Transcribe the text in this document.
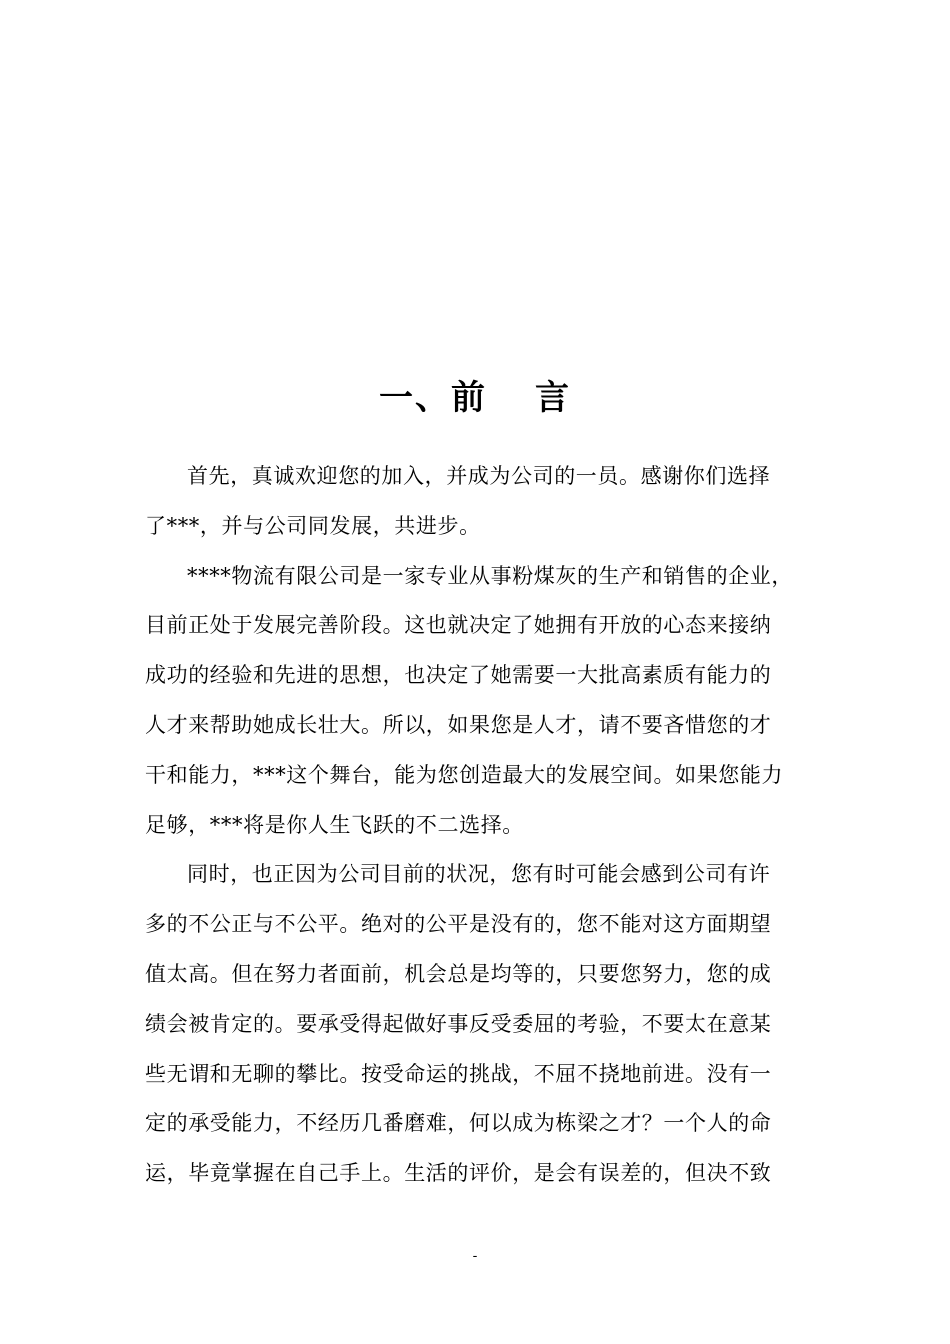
一、前 言

首先，真诚欢迎您的加入，并成为公司的一员。感谢你们选择
了***，并与公司同发展，共进步。

****物流有限公司是一家专业从事粉煤灰的生产和销售的企业，
目前正处于发展完善阶段。这也就决定了她拥有开放的心态来接纳
成功的经验和先进的思想，也决定了她需要一大批高素质有能力的
人才来帮助她成长壮大。所以，如果您是人才，请不要吝惜您的才
干和能力，***这个舞台，能为您创造最大的发展空间。如果您能力
足够，***将是你人生飞跃的不二选择。

同时，也正因为公司目前的状况，您有时可能会感到公司有许
多的不公正与不公平。绝对的公平是没有的，您不能对这方面期望
值太高。但在努力者面前，机会总是均等的，只要您努力，您的成
绩会被肯定的。要承受得起做好事反受委屈的考验，不要太在意某
些无谓和无聊的攀比。按受命运的挑战，不屈不挠地前进。没有一
定的承受能力，不经历几番磨难，何以成为栋梁之才？一个人的命
运，毕竟掌握在自己手上。生活的评价，是会有误差的，但决不致

-
